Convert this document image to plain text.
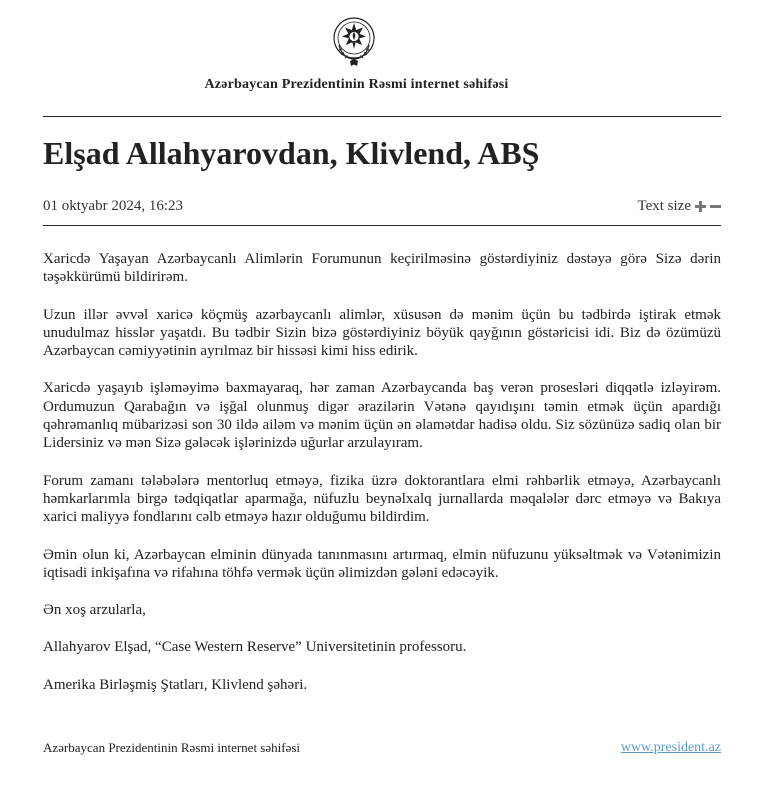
Azərbaycan Prezidentinin Rəsmi internet səhifəsi
Elşad Allahyarovdan, Klivlend, ABŞ
01 oktyabr 2024, 16:23	Text size

Xaricdə Yaşayan Azərbaycanlı Alimlərin Forumunun keçirilməsinə göstərdiyiniz dəstəyə görə Sizə dərin təşəkkürümü bildirirəm.

Uzun illər əvvəl xaricə köçmüş azərbaycanlı alimlər, xüsusən də mənim üçün bu tədbirdə iştirak etmək unudulmaz hisslər yaşatdı. Bu tədbir Sizin bizə göstərdiyiniz böyük qayğının göstəricisi idi. Biz də özümüzü Azərbaycan cəmiyyətinin ayrılmaz bir hissəsi kimi hiss edirik.

Xaricdə yaşayıb işləməyimə baxmayaraq, hər zaman Azərbaycanda baş verən prosesləri diqqətlə izləyirəm. Ordumuzun Qarabağın və işğal olunmuş digər ərazilərin Vətənə qayıdışını təmin etmək üçün apardığı qəhrəmanlıq mübarizəsi son 30 ildə ailəm və mənim üçün ən əlamətdar hadisə oldu. Siz sözünüzə sadiq olan bir Lidersiniz və mən Sizə gələcək işlərinizdə uğurlar arzulayıram.

Forum zamanı tələbələrə mentorluq etməyə, fizika üzrə doktorantlara elmi rəhbərlik etməyə, Azərbaycanlı həmkarlarımla birgə tədqiqatlar aparmağa, nüfuzlu beynəlxalq jurnallarda məqalələr dərc etməyə və Bakıya xarici maliyyə fondlarını cəlb etməyə hazır olduğumu bildirdim.

Əmin olun ki, Azərbaycan elminin dünyada tanınmasını artırmaq, elmin nüfuzunu yüksəltmək və Vətənimizin iqtisadi inkişafına və rifahına töhfə vermək üçün əlimizdən gələni edəcəyik.

Ən xoş arzularla,

Allahyarov Elşad, “Case Western Reserve” Universitetinin professoru.

Amerika Birləşmiş Ştatları, Klivlend şəhəri.

Azərbaycan Prezidentinin Rəsmi internet səhifəsi	www.president.az
